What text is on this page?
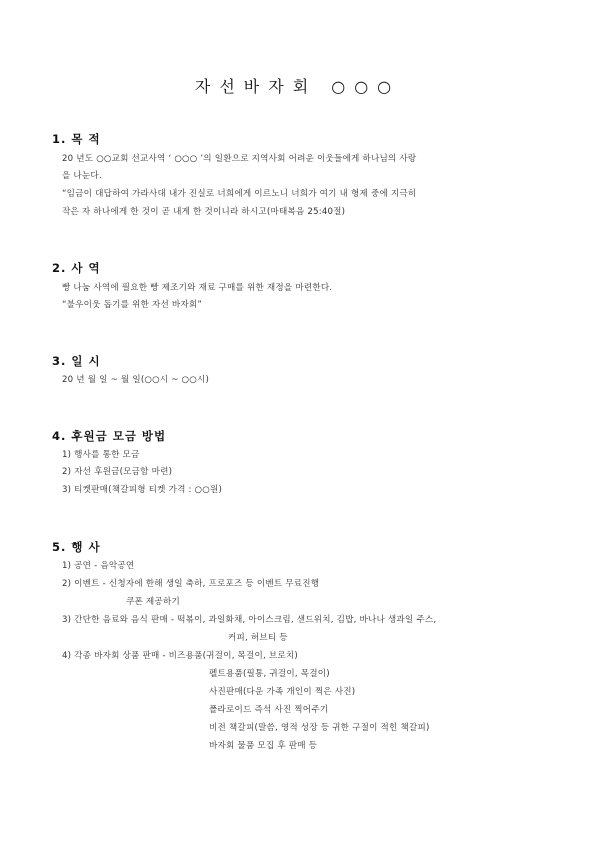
자선바자회 ○○○
1. 목 적
20 년도 ○○교회 선교사역 ‘ ○○○ ’의 일환으로 지역사회 어려운 이웃들에게 하나님의 사랑
을 나눈다.
“임금이 대답하여 가라사대 내가 진실로 너희에게 이르노니 너희가 여기 내 형제 중에 지극히
작은 자 하나에게 한 것이 곧 내게 한 것이니라 하시고(마태복음 25:40절)
2. 사 역
빵 나눔 사역에 필요한 빵 제조기와 재료 구매를 위한 재정을 마련한다.
“불우이웃 돕기를 위한 자선 바자회”
3. 일 시
20 년 월 일 ~ 월 일(○○시 ~ ○○시)
4. 후원금 모금 방법
1) 행사를 통한 모금
2) 자선 후원금(모금함 마련)
3) 티켓판매(책갈피형 티켓 가격 : ○○원)
5. 행 사
1) 공연 - 음악공연
2) 이벤트 - 신청자에 한해 생일 축하, 프로포즈 등 이벤트 무료진행
쿠폰 제공하기
3) 간단한 음료와 음식 판매 - 떡볶이, 과일화채, 아이스크림, 샌드위치, 김밥, 바나나 생과일 주스,
커피, 허브티 등
4) 각종 바자회 상품 판매 - 비즈용품(귀걸이, 목걸이, 브로치)
펠트용품(필통, 귀걸이, 목걸이)
사진판매(다운 가족 개인이 찍은 사진)
폴라로이드 즉석 사진 찍어주기
비전 책갈피(말씀, 영적 성장 등 귀한 구절이 적힌 책갈피)
바자회 물품 모집 후 판매 등
